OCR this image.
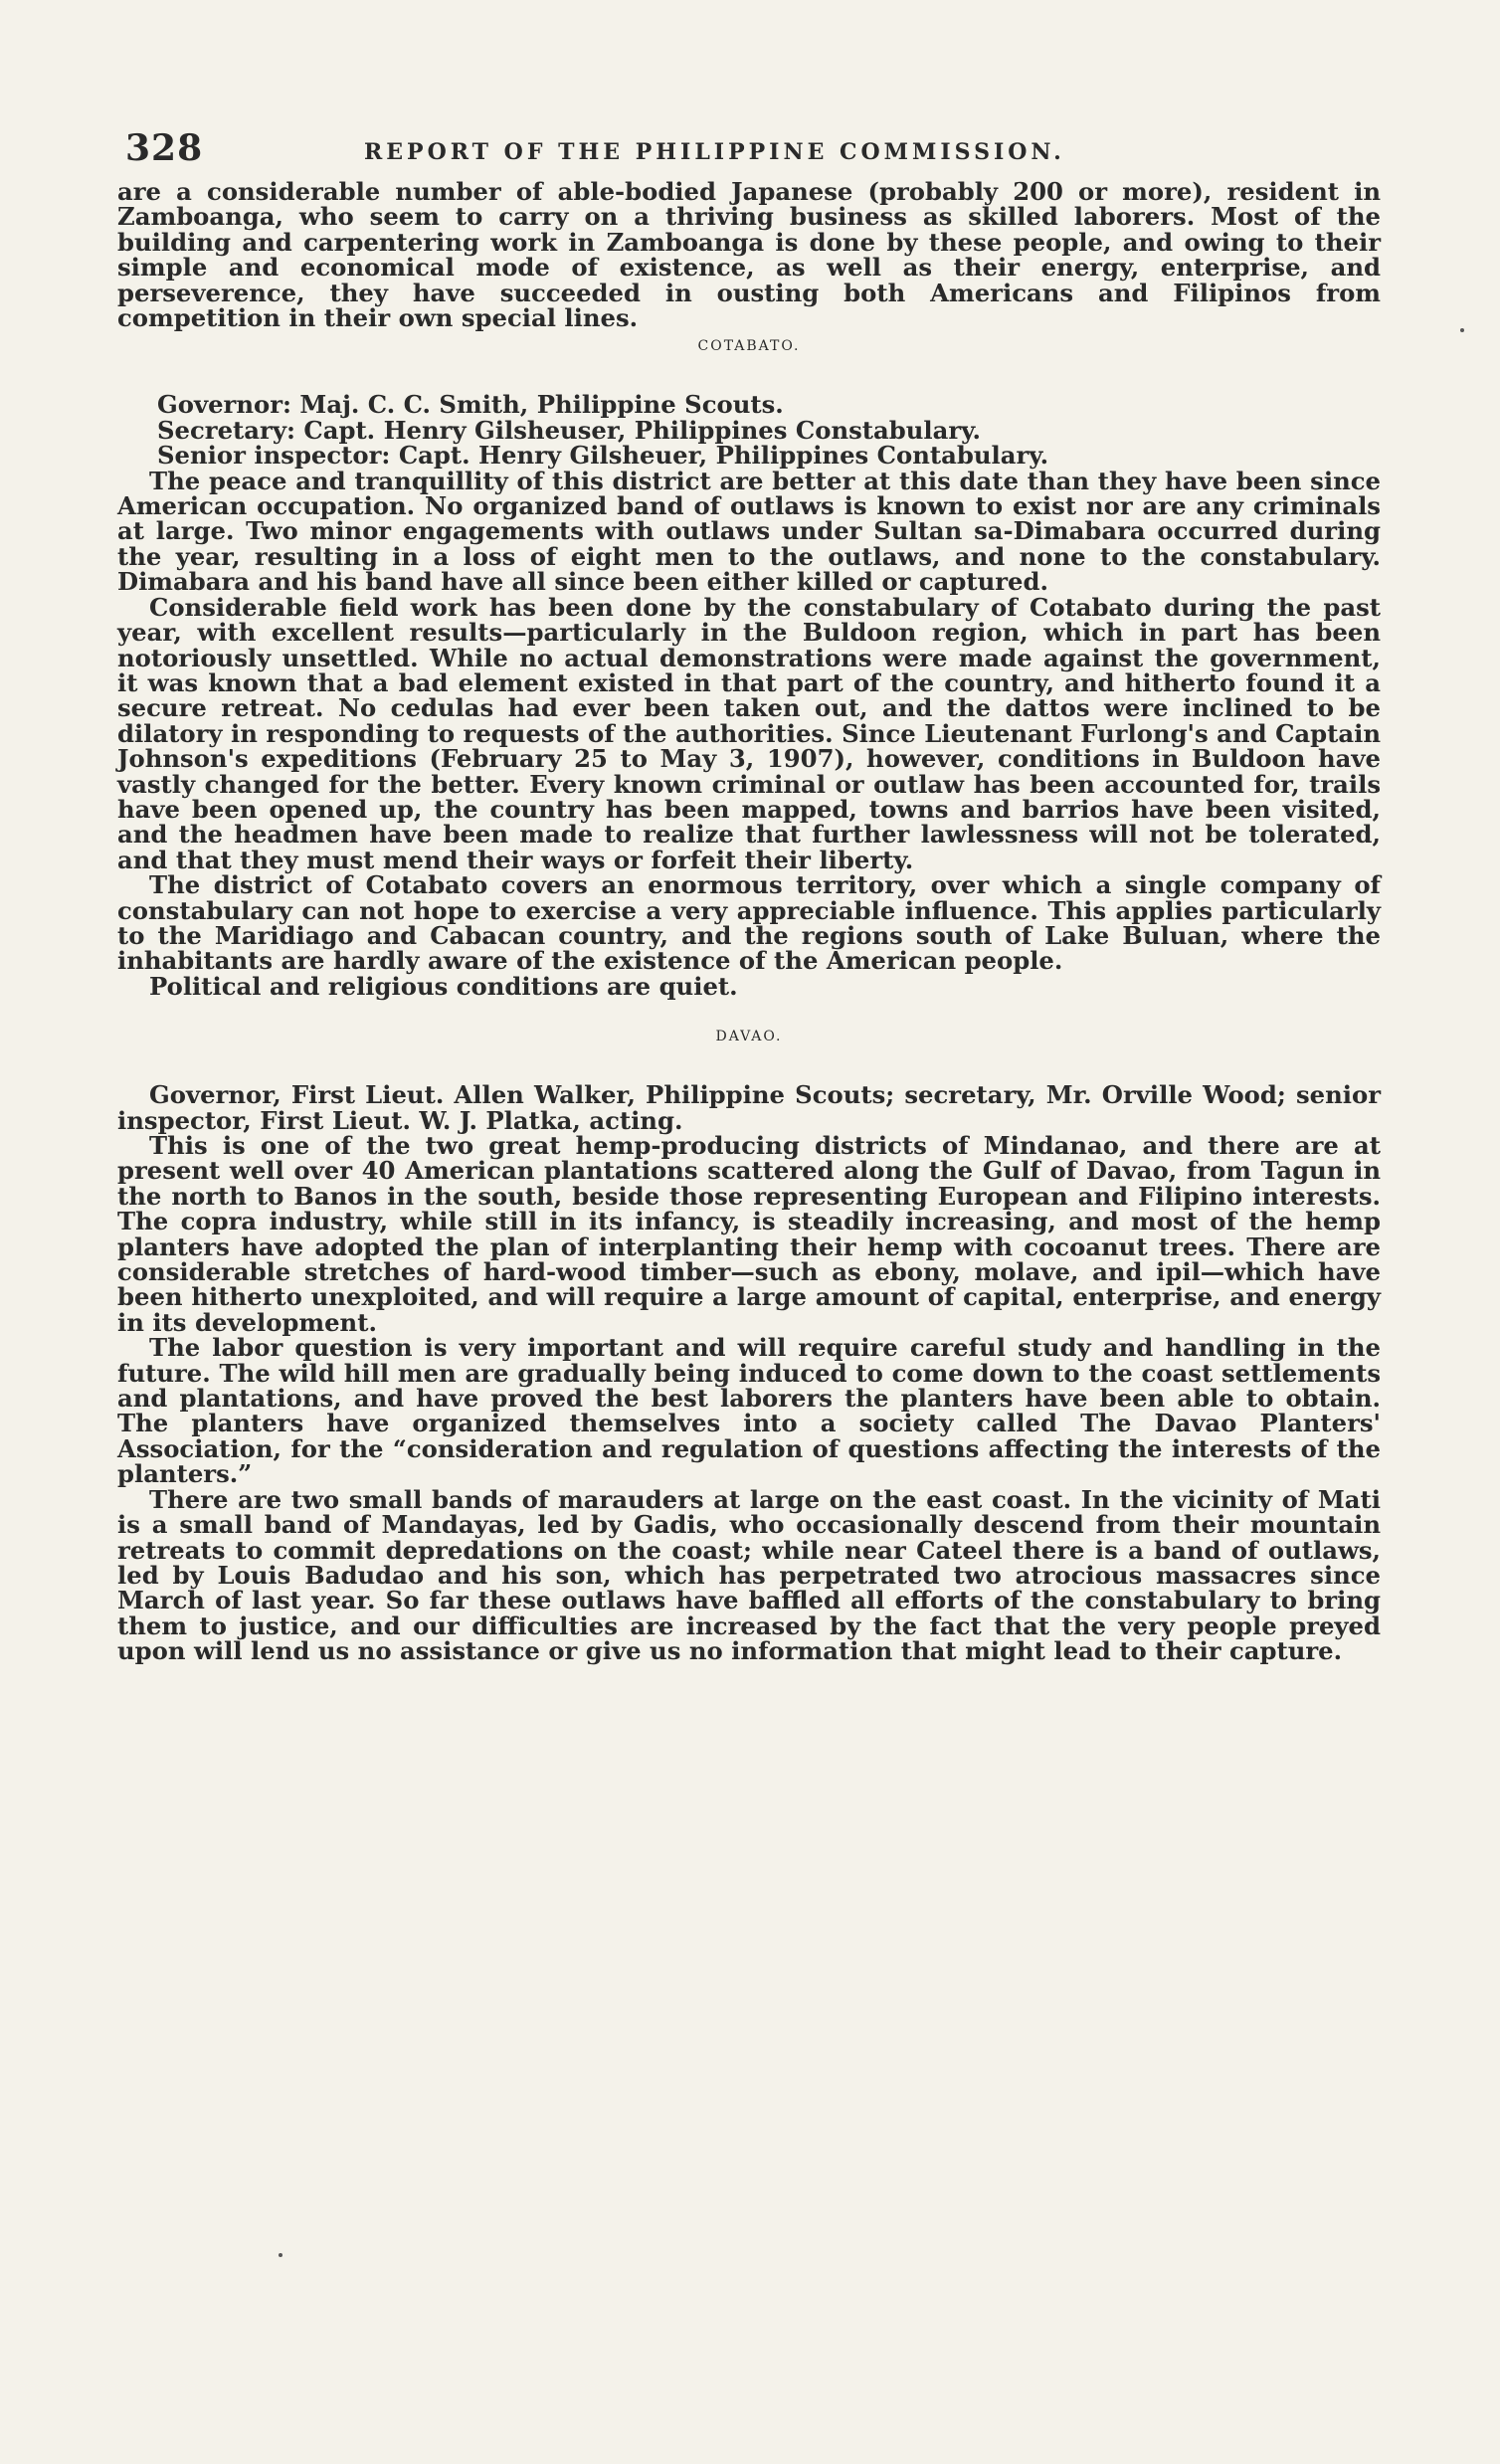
328	REPORT OF THE PHILIPPINE COMMISSION.

are a considerable number of able-bodied Japanese (probably 200 or more), resident in Zamboanga, who seem to carry on a thriving business as skilled laborers. Most of the building and carpentering work in Zamboanga is done by these people, and owing to their simple and economical mode of existence, as well as their energy, enterprise, and perseverence, they have succeeded in ousting both Americans and Filipinos from competition in their own special lines.

COTABATO.
Governor: Maj. C. C. Smith, Philippine Scouts.
Secretary: Capt. Henry Gilsheuser, Philippines Constabulary.
Senior inspector: Capt. Henry Gilsheuer, Philippines Contabulary.

The peace and tranquillity of this district are better at this date than they have been since American occupation. No organized band of outlaws is known to exist nor are any criminals at large. Two minor engagements with outlaws under Sultan sa-Dimabara occurred during the year, resulting in a loss of eight men to the outlaws, and none to the constabulary. Dimabara and his band have all since been either killed or captured.

Considerable field work has been done by the constabulary of Cotabato during the past year, with excellent results—particularly in the Buldoon region, which in part has been notoriously unsettled. While no actual demonstrations were made against the government, it was known that a bad element existed in that part of the country, and hitherto found it a secure retreat. No cedulas had ever been taken out, and the dattos were inclined to be dilatory in responding to requests of the authorities. Since Lieutenant Furlong's and Captain Johnson's expeditions (February 25 to May 3, 1907), however, conditions in Buldoon have vastly changed for the better. Every known criminal or outlaw has been accounted for, trails have been opened up, the country has been mapped, towns and barrios have been visited, and the headmen have been made to realize that further lawlessness will not be tolerated, and that they must mend their ways or forfeit their liberty.

The district of Cotabato covers an enormous territory, over which a single company of constabulary can not hope to exercise a very appreciable influence. This applies particularly to the Maridiago and Cabacan country, and the regions south of Lake Buluan, where the inhabitants are hardly aware of the existence of the American people.

Political and religious conditions are quiet.

DAVAO.

Governor, First Lieut. Allen Walker, Philippine Scouts; secretary, Mr. Orville Wood; senior inspector, First Lieut. W. J. Platka, acting.

This is one of the two great hemp-producing districts of Mindanao, and there are at present well over 40 American plantations scattered along the Gulf of Davao, from Tagun in the north to Banos in the south, beside those representing European and Filipino interests. The copra industry, while still in its infancy, is steadily increasing, and most of the hemp planters have adopted the plan of interplanting their hemp with cocoanut trees. There are considerable stretches of hard-wood timber—such as ebony, molave, and ipil—which have been hitherto unexploited, and will require a large amount of capital, enterprise, and energy in its development.

The labor question is very important and will require careful study and handling in the future. The wild hill men are gradually being induced to come down to the coast settlements and plantations, and have proved the best laborers the planters have been able to obtain. The planters have organized themselves into a society called The Davao Planters' Association, for the “consideration and regulation of questions affecting the interests of the planters.”

There are two small bands of marauders at large on the east coast. In the vicinity of Mati is a small band of Mandayas, led by Gadis, who occasionally descend from their mountain retreats to commit depredations on the coast; while near Cateel there is a band of outlaws, led by Louis Badudao and his son, which has perpetrated two atrocious massacres since March of last year. So far these outlaws have baffled all efforts of the constabulary to bring them to justice, and our difficulties are increased by the fact that the very people preyed upon will lend us no assistance or give us no information that might lead to their capture.
